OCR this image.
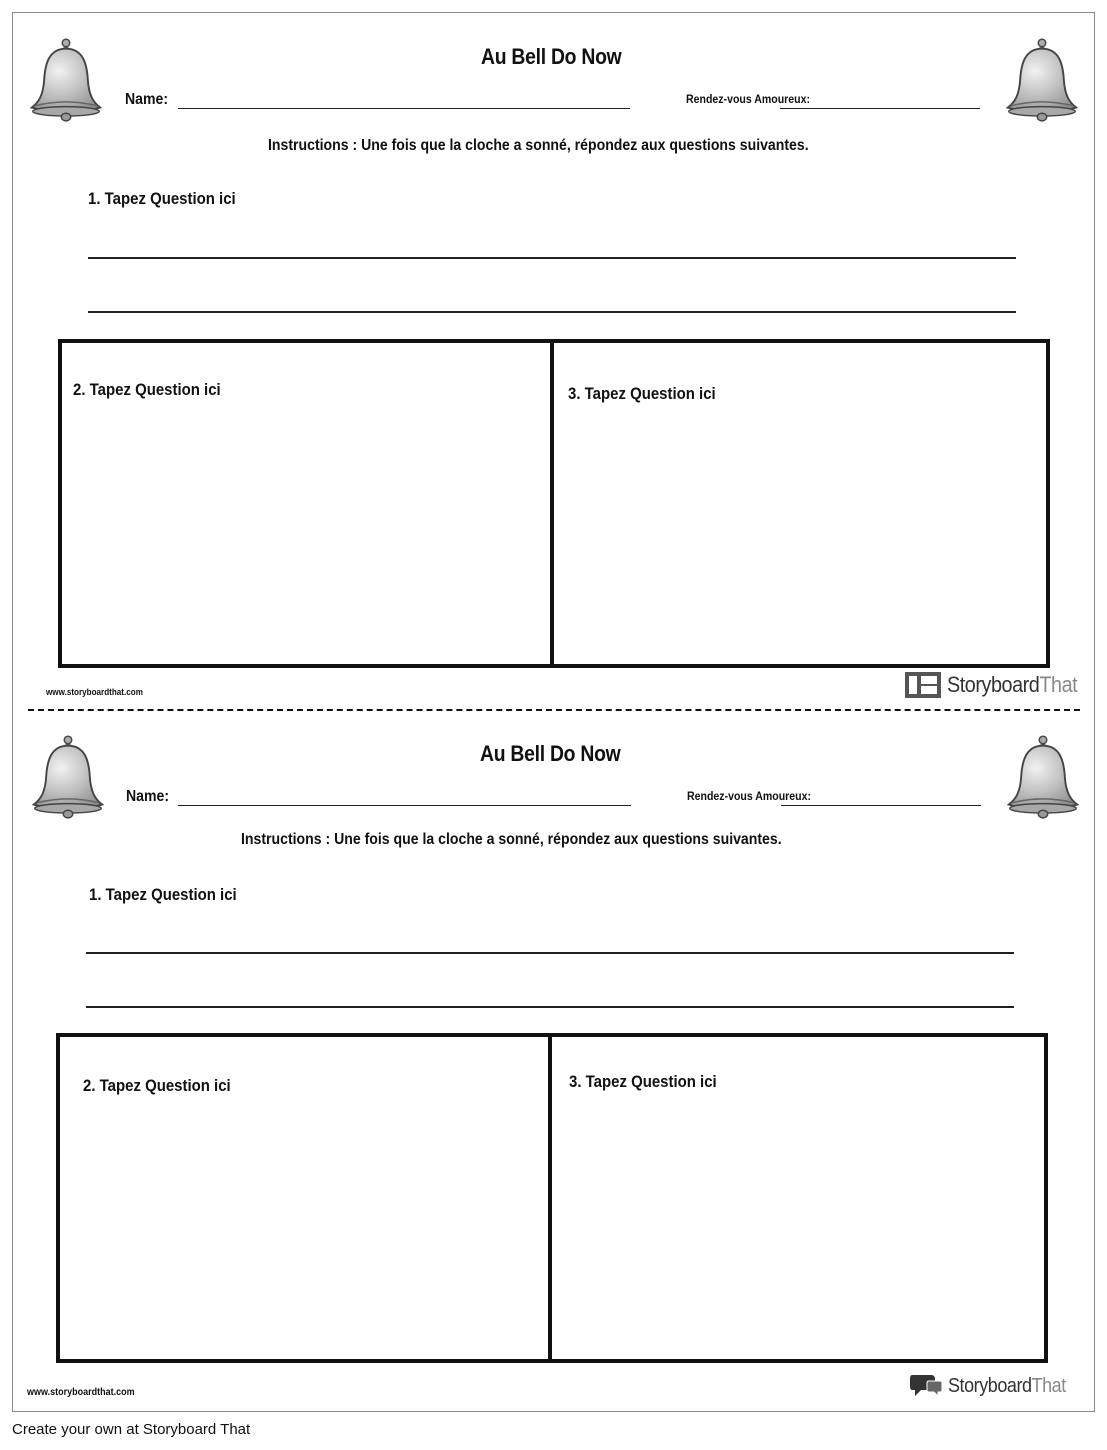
Au Bell Do Now
Name:	Rendez-vous Amoureux:
Instructions : Une fois que la cloche a sonné, répondez aux questions suivantes.
1. Tapez Question ici
2. Tapez Question ici	3. Tapez Question ici
www.storyboardthat.com	StoryboardThat
Au Bell Do Now
Name:	Rendez-vous Amoureux:
Instructions : Une fois que la cloche a sonné, répondez aux questions suivantes.
1. Tapez Question ici
2. Tapez Question ici	3. Tapez Question ici
www.storyboardthat.com	StoryboardThat
Create your own at Storyboard That
